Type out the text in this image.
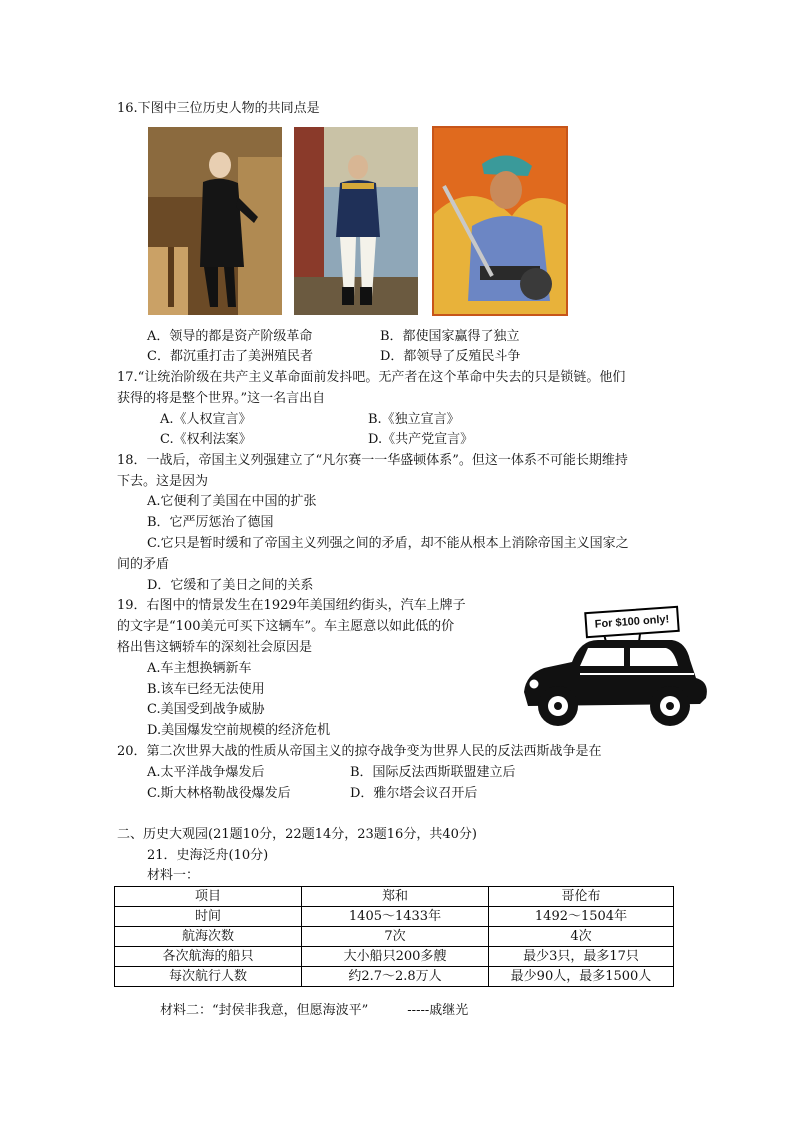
16.下图中三位历史人物的共同点是
A．领导的都是资产阶级革命	B．都使国家赢得了独立
C．都沉重打击了美洲殖民者	D．都领导了反殖民斗争
17.“让统治阶级在共产主义革命面前发抖吧。无产者在这个革命中失去的只是锁链。他们
获得的将是整个世界。”这一名言出自
A.《人权宣言》	B.《独立宣言》
C.《权利法案》	D.《共产党宣言》
18．一战后，帝国主义列强建立了“凡尔赛一一华盛顿体系”。但这一体系不可能长期维持
下去。这是因为
A.它便利了美国在中国的扩张
B．它严厉惩治了德国
C.它只是暂时缓和了帝国主义列强之间的矛盾，却不能从根本上消除帝国主义国家之
间的矛盾
D．它缓和了美日之间的关系
19．右图中的情景发生在1929年美国纽约街头，汽车上牌子
的文字是“100美元可买下这辆车”。车主愿意以如此低的价
格出售这辆轿车的深刻社会原因是
A.车主想换辆新车
B.该车已经无法使用
C.美国受到战争威胁
D.美国爆发空前规模的经济危机
For $100 only!
20．第二次世界大战的性质从帝国主义的掠夺战争变为世界人民的反法西斯战争是在
A.太平洋战争爆发后	B．国际反法西斯联盟建立后
C.斯大林格勒战役爆发后	D．雅尔塔会议召开后
二、历史大观园(21题10分，22题14分，23题16分，共40分)
21．史海泛舟(10分)
材料一：
项目	郑和	哥伦布
时间	1405～1433年	1492～1504年
航海次数	7次	4次
各次航海的船只	大小船只200多艘	最少3只，最多17只
每次航行人数	约2.7～2.8万人	最少90人，最多1500人
材料二：“封侯非我意，但愿海波平”　　　-----戚继光
